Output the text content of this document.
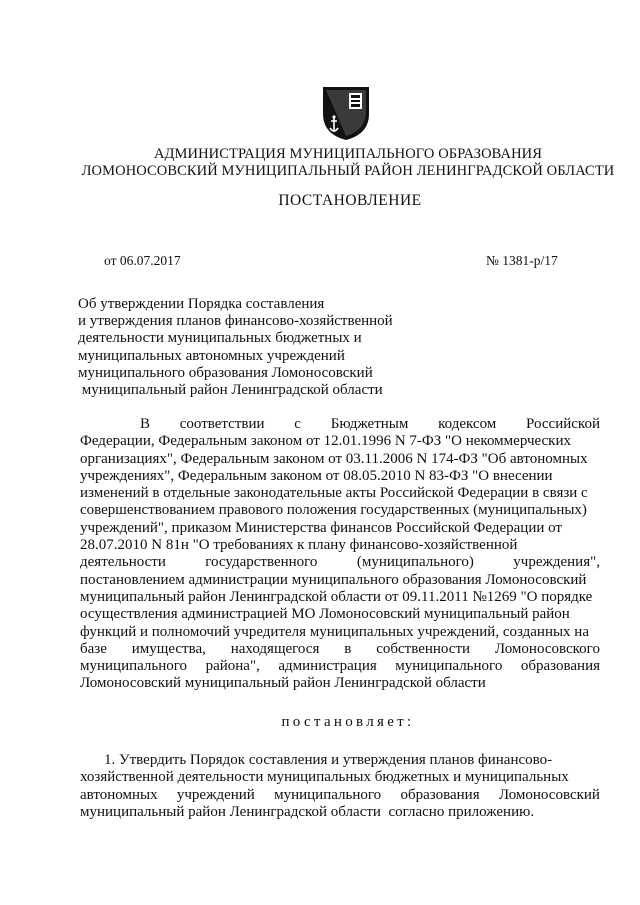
АДМИНИСТРАЦИЯ МУНИЦИПАЛЬНОГО ОБРАЗОВАНИЯ
ЛОМОНОСОВСКИЙ МУНИЦИПАЛЬНЫЙ РАЙОН ЛЕНИНГРАДСКОЙ ОБЛАСТИ
ПОСТАНОВЛЕНИЕ
от 06.07.2017	№ 1381-р/17
Об утверждении Порядка составления
и утверждения планов финансово-хозяйственной
деятельности муниципальных бюджетных и
муниципальных автономных учреждений
муниципального образования Ломоносовский
муниципальный район Ленинградской области
В соответствии с Бюджетным кодексом Российской
Федерации, Федеральным законом от 12.01.1996 N 7-ФЗ "О некоммерческих
организациях", Федеральным законом от 03.11.2006 N 174-ФЗ "Об автономных
учреждениях", Федеральным законом от 08.05.2010 N 83-ФЗ "О внесении
изменений в отдельные законодательные акты Российской Федерации в связи с
совершенствованием правового положения государственных (муниципальных)
учреждений", приказом Министерства финансов Российской Федерации от
28.07.2010 N 81н "О требованиях к плану финансово-хозяйственной
деятельности	государственного	(муниципального)	учреждения",
постановлением администрации муниципального образования Ломоносовский
муниципальный район Ленинградской области от 09.11.2011 №1269 "О порядке
осуществления администрацией МО Ломоносовский муниципальный район
функций и полномочий учредителя муниципальных учреждений, созданных на
базе имущества, находящегося в собственности Ломоносовского
муниципального района", администрация муниципального образования
Ломоносовский муниципальный район Ленинградской области
постановляет:
1. Утвердить Порядок составления и утверждения планов финансово-
хозяйственной деятельности муниципальных бюджетных и муниципальных
автономных учреждений муниципального образования Ломоносовский
муниципальный район Ленинградской области  согласно приложению.
